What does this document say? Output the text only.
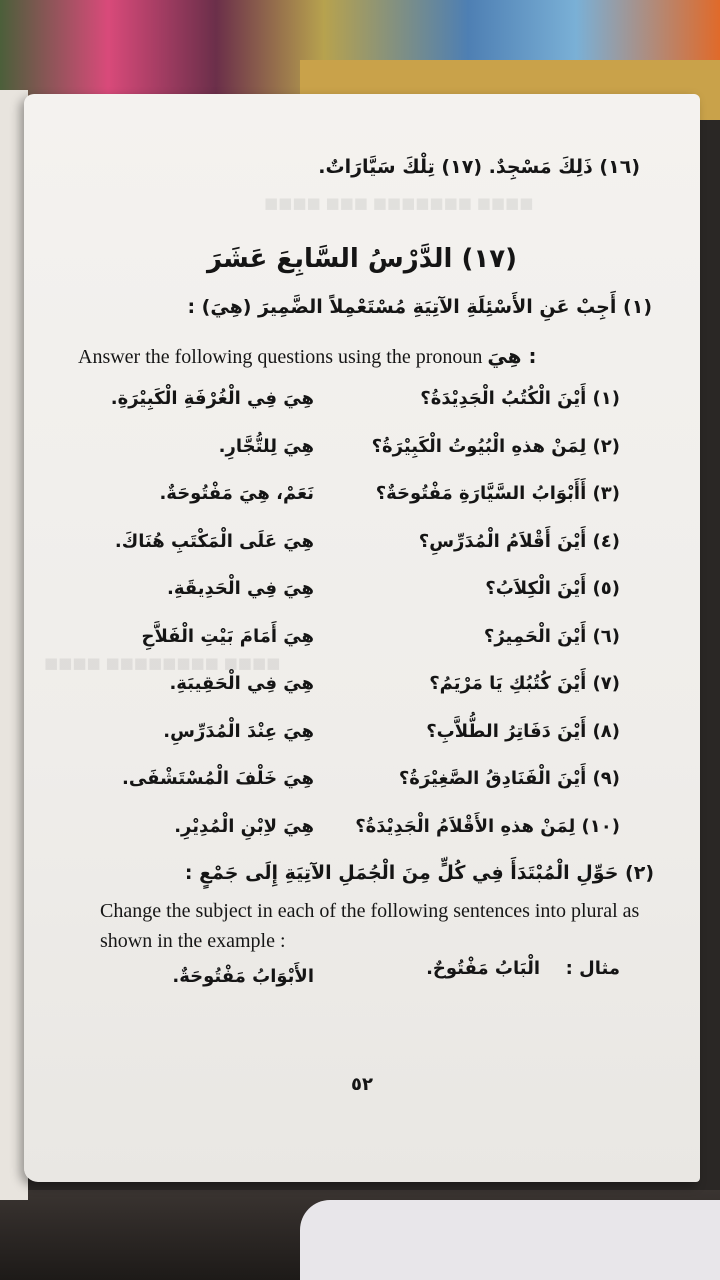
‎■■■■ ■■■ ■■■■■■■ ■■■■
‎■■■■ ■■■■■■■■ ■■■■
(١٦) ذَلِكَ مَسْجِدٌ. (١٧) تِلْكَ سَيَّارَاتٌ.
(١٧) الدَّرْسُ السَّابِعَ عَشَرَ
(١) أَجِبْ عَنِ الأَسْئِلَةِ الآتِيَةِ مُسْتَعْمِلاً الضَّمِيرَ (هِيَ) :
Answer the following questions using the pronoun هِيَ :
(١) أَيْنَ الْكُتُبُ الْجَدِيْدَةُ؟
هِيَ فِي الْغُرْفَةِ الْكَبِيْرَةِ.
(٢) لِمَنْ هذهِ الْبُيُوتُ الْكَبِيْرَةُ؟
هِيَ لِلتُّجَّارِ.
(٣) أَأَبْوَابُ السَّيَّارَةِ مَفْتُوحَةٌ؟
نَعَمْ، هِيَ مَفْتُوحَةٌ.
(٤) أَيْنَ أَقْلاَمُ الْمُدَرِّسِ؟
هِيَ عَلَى الْمَكْتَبِ هُنَاكَ.
(٥) أَيْنَ الْكِلاَبُ؟
هِيَ فِي الْحَدِيقَةِ.
(٦) أَيْنَ الْحَمِيرُ؟
هِيَ أَمَامَ بَيْتِ الْفَلاَّحِ
(٧) أَيْنَ كُتُبُكِ يَا مَرْيَمُ؟
هِيَ فِي الْحَقِيبَةِ.
(٨) أَيْنَ دَفَاتِرُ الطُّلاَّبِ؟
هِيَ عِنْدَ الْمُدَرِّسِ.
(٩) أَيْنَ الْفَنَادِقُ الصَّغِيْرَةُ؟
هِيَ خَلْفَ الْمُسْتَشْفَى.
(١٠) لِمَنْ هذهِ الأَقْلاَمُ الْجَدِيْدَةُ؟
هِيَ لاِبْنِ الْمُدِيْرِ.
(٢) حَوِّلِ الْمُبْتَدَأَ فِي كُلٍّ مِنَ الْجُمَلِ الآتِيَةِ إِلَى جَمْعٍ :
Change the subject in each of the following sentences into plural as shown in the example :
مثال :
الْبَابُ مَفْتُوحٌ.
الأَبْوَابُ مَفْتُوحَةٌ.
٥٢
